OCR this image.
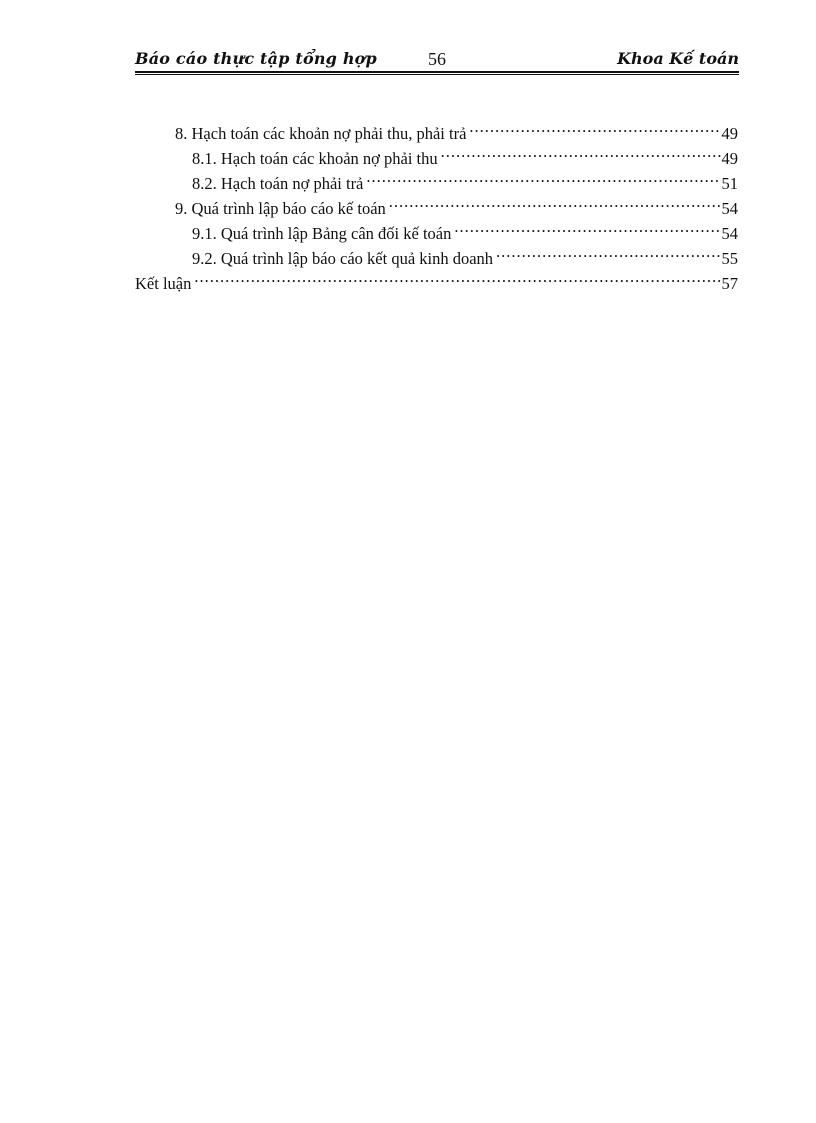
Báo cáo thực tập tổng hợp	56	Khoa Kế toán
8. Hạch toán các khoản nợ phải thu, phải trả .....	49
8.1. Hạch toán các khoản nợ phải thu .....	49
8.2. Hạch toán nợ phải trả .....	51
9. Quá trình lập báo cáo kế toán .....	54
9.1. Quá trình lập Bảng cân đối kế toán .....	54
9.2. Quá trình lập báo cáo kết quả kinh doanh .....	55
Kết luận .....	57
